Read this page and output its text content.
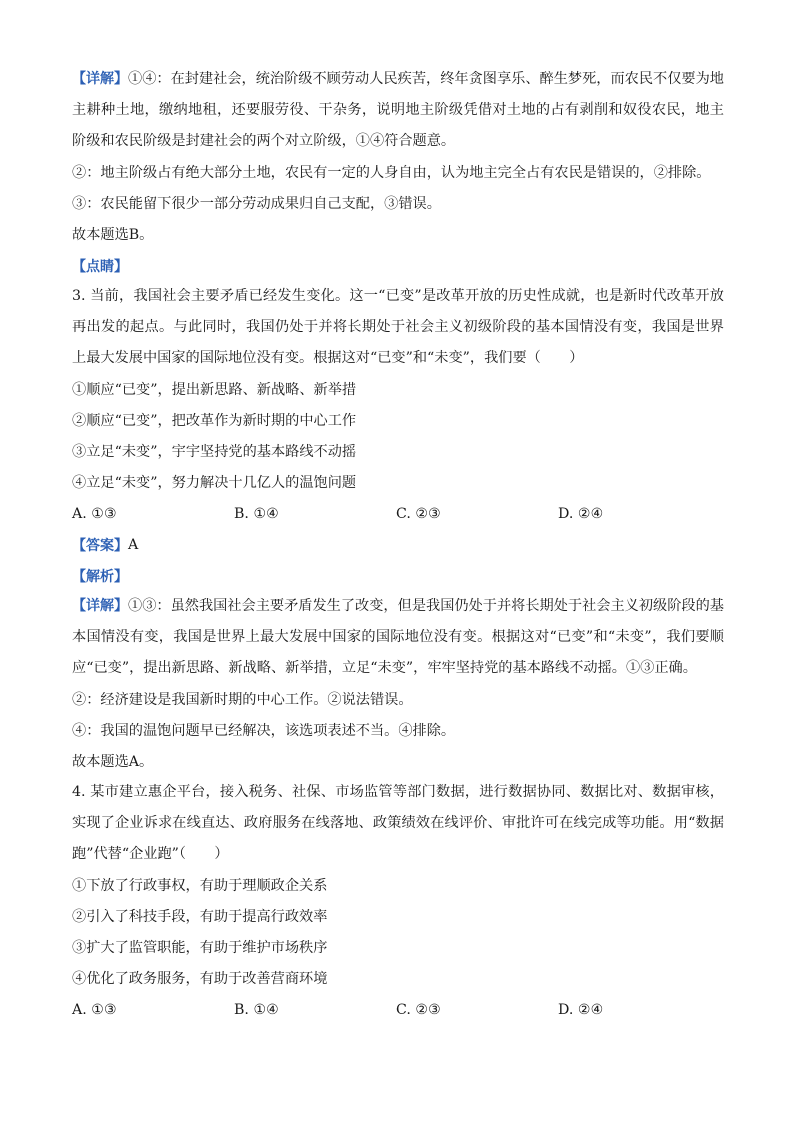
【详解】①④：在封建社会，统治阶级不顾劳动人民疾苦，终年贪图享乐、醉生梦死，而农民不仅要为地主耕种土地，缴纳地租，还要服劳役、干杂务，说明地主阶级凭借对土地的占有剥削和奴役农民，地主阶级和农民阶级是封建社会的两个对立阶级，①④符合题意。
②：地主阶级占有绝大部分土地，农民有一定的人身自由，认为地主完全占有农民是错误的，②排除。
③：农民能留下很少一部分劳动成果归自己支配，③错误。
故本题选B。
【点睛】
3. 当前，我国社会主要矛盾已经发生变化。这一“已变”是改革开放的历史性成就，也是新时代改革开放再出发的起点。与此同时，我国仍处于并将长期处于社会主义初级阶段的基本国情没有变，我国是世界上最大发展中国家的国际地位没有变。根据这对“已变”和“未变”，我们要（　　）
①顺应“已变”，提出新思路、新战略、新举措
②顺应“已变”，把改革作为新时期的中心工作
③立足“未变”，宇宇坚持党的基本路线不动摇
④立足“未变”，努力解决十几亿人的温饱问题
A. ①③	B. ①④	C. ②③	D. ②④
【答案】 A
【解析】
【详解】①③：虽然我国社会主要矛盾发生了改变，但是我国仍处于并将长期处于社会主义初级阶段的基本国情没有变，我国是世界上最大发展中国家的国际地位没有变。根据这对“已变”和“未变”，我们要顺应“已变”，提出新思路、新战略、新举措，立足“未变”，牢牢坚持党的基本路线不动摇。①③正确。
②：经济建设是我国新时期的中心工作。②说法错误。
④：我国的温饱问题早已经解决，该选项表述不当。④排除。
故本题选A。
4. 某市建立惠企平台，接入税务、社保、市场监管等部门数据，进行数据协同、数据比对、数据审核，实现了企业诉求在线直达、政府服务在线落地、政策绩效在线评价、审批许可在线完成等功能。用“数据跑”代替“企业跑”（　　）
①下放了行政事权，有助于理顺政企关系
②引入了科技手段，有助于提高行政效率
③扩大了监管职能，有助于维护市场秩序
④优化了政务服务，有助于改善营商环境
A. ①③	B. ①④	C. ②③	D. ②④
